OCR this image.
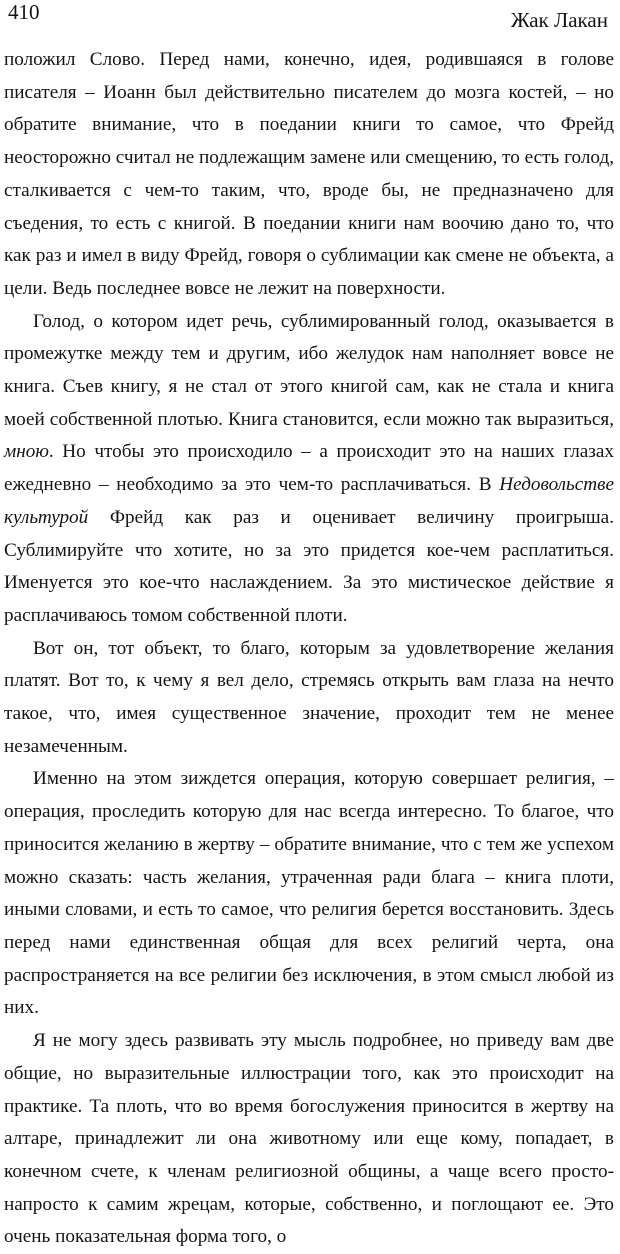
410	Жак Лакан

положил Слово. Перед нами, конечно, идея, родившаяся в голове писателя – Иоанн был действительно писателем до мозга костей, – но обратите внимание, что в поедании книги то самое, что Фрейд неосторожно считал не подлежащим замене или смещению, то есть голод, сталкивается с чем-то таким, что, вроде бы, не предназначено для съедения, то есть с книгой. В поедании книги нам воочию дано то, что как раз и имел в виду Фрейд, говоря о сублимации как смене не объекта, а цели. Ведь последнее вовсе не лежит на поверхности.

Голод, о котором идет речь, сублимированный голод, оказывается в промежутке между тем и другим, ибо желудок нам наполняет вовсе не книга. Съев книгу, я не стал от этого книгой сам, как не стала и книга моей собственной плотью. Книга становится, если можно так выразиться, мною. Но чтобы это происходило – а происходит это на наших глазах ежедневно – необходимо за это чем-то расплачиваться. В Недовольстве культурой Фрейд как раз и оценивает величину проигрыша. Сублимируйте что хотите, но за это придется кое-чем расплатиться. Именуется это кое-что наслаждением. За это мистическое действие я расплачиваюсь томом собственной плоти.

Вот он, тот объект, то благо, которым за удовлетворение желания платят. Вот то, к чему я вел дело, стремясь открыть вам глаза на нечто такое, что, имея существенное значение, проходит тем не менее незамеченным.

Именно на этом зиждется операция, которую совершает религия, – операция, проследить которую для нас всегда интересно. То благое, что приносится желанию в жертву – обратите внимание, что с тем же успехом можно сказать: часть желания, утраченная ради блага – книга плоти, иными словами, и есть то самое, что религия берется восстановить. Здесь перед нами единственная общая для всех религий черта, она распространяется на все религии без исключения, в этом смысл любой из них.

Я не могу здесь развивать эту мысль подробнее, но приведу вам две общие, но выразительные иллюстрации того, как это происходит на практике. Та плоть, что во время богослужения приносится в жертву на алтаре, принадлежит ли она животному или еще кому, попадает, в конечном счете, к членам религиозной общины, а чаще всего просто-напросто к самим жрецам, которые, собственно, и поглощают ее. Это очень показательная форма того, о
